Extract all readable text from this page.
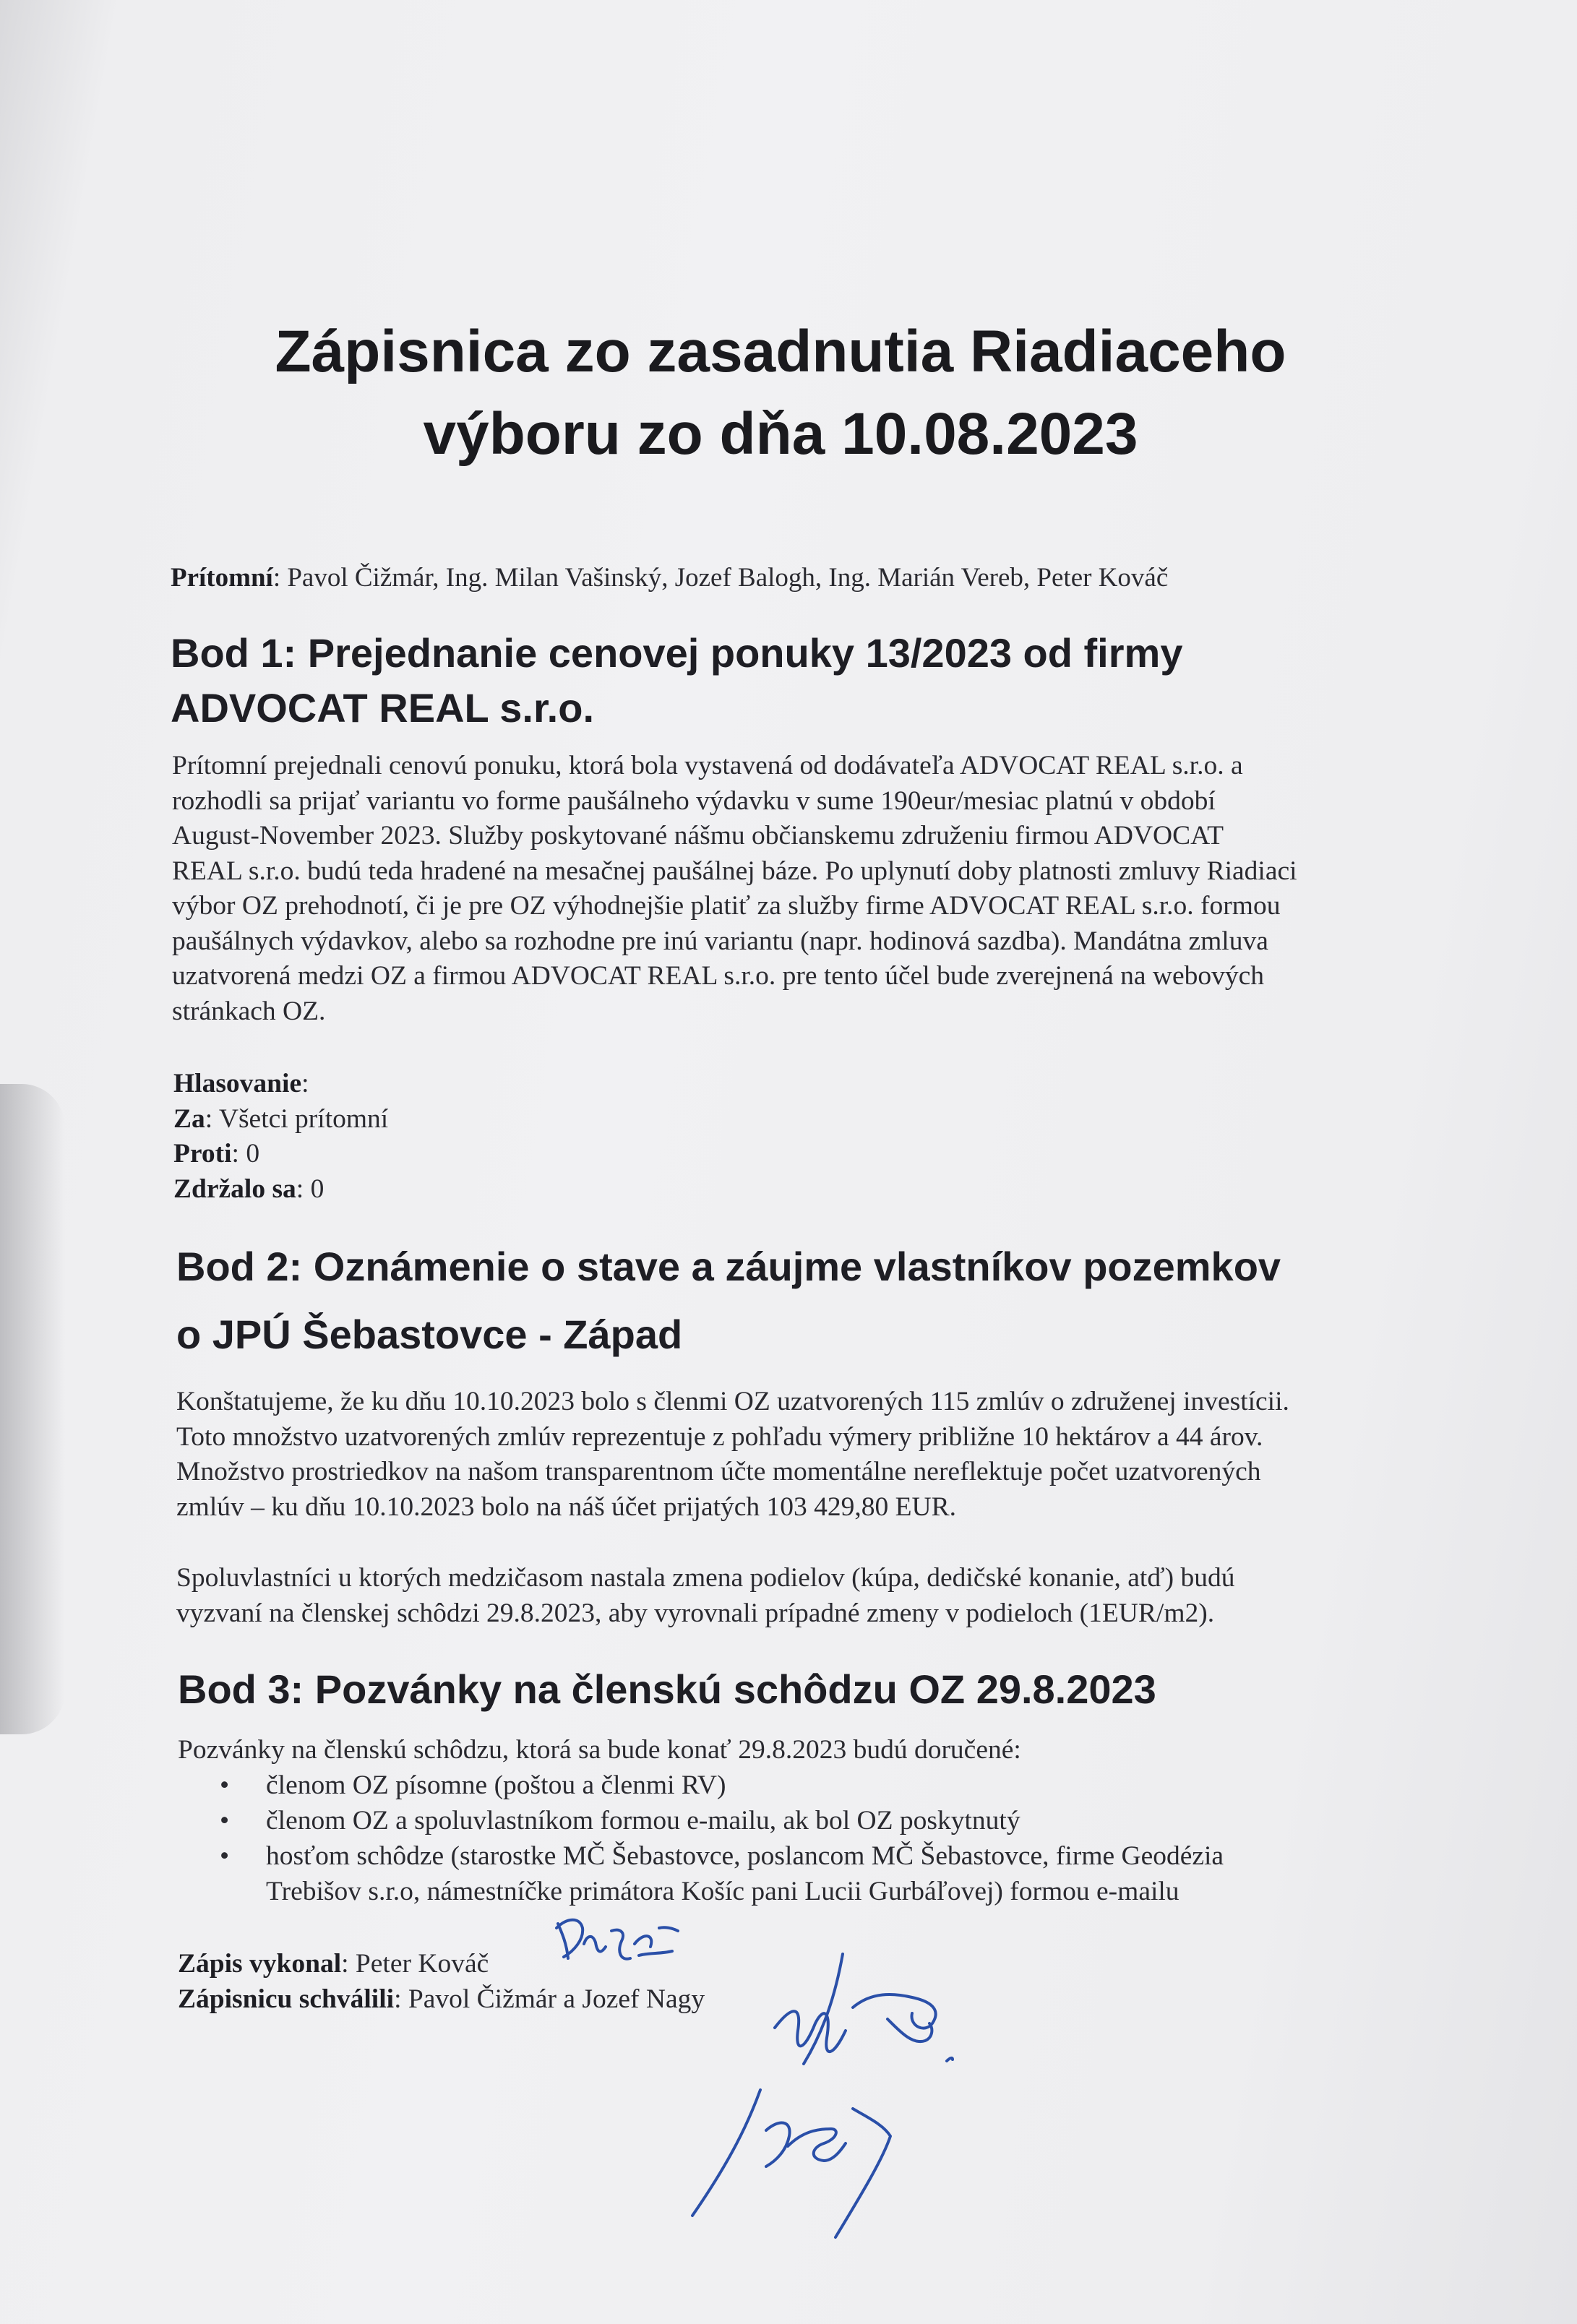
Zápisnica zo zasadnutia Riadiaceho
výboru zo dňa 10.08.2023
Prítomní: Pavol Čižmár, Ing. Milan Vašinský, Jozef Balogh, Ing. Marián Vereb, Peter Kováč
Bod 1: Prejednanie cenovej ponuky 13/2023 od firmy
ADVOCAT REAL s.r.o.
Prítomní prejednali cenovú ponuku, ktorá bola vystavená od dodávateľa ADVOCAT REAL s.r.o. a
rozhodli sa prijať variantu vo forme paušálneho výdavku v sume 190eur/mesiac platnú v období
August-November 2023. Služby poskytované nášmu občianskemu združeniu firmou ADVOCAT
REAL s.r.o. budú teda hradené na mesačnej paušálnej báze. Po uplynutí doby platnosti zmluvy Riadiaci
výbor OZ prehodnotí, či je pre OZ výhodnejšie platiť za služby firme ADVOCAT REAL s.r.o. formou
paušálnych výdavkov, alebo sa rozhodne pre inú variantu (napr. hodinová sazdba). Mandátna zmluva
uzatvorená medzi OZ a firmou ADVOCAT REAL s.r.o. pre tento účel bude zverejnená na webových
stránkach OZ.
Hlasovanie:
Za: Všetci prítomní
Proti: 0
Zdržalo sa: 0
Bod 2: Oznámenie o stave a záujme vlastníkov pozemkov
o JPÚ Šebastovce - Západ
Konštatujeme, že ku dňu 10.10.2023 bolo s členmi OZ uzatvorených 115 zmlúv o združenej investícii.
Toto množstvo uzatvorených zmlúv reprezentuje z pohľadu výmery približne 10 hektárov a 44 árov.
Množstvo prostriedkov na našom transparentnom účte momentálne nereflektuje počet uzatvorených
zmlúv – ku dňu 10.10.2023 bolo na náš účet prijatých 103 429,80 EUR.
Spoluvlastníci u ktorých medzičasom nastala zmena podielov (kúpa, dedičské konanie, atď) budú
vyzvaní na členskej schôdzi 29.8.2023, aby vyrovnali prípadné zmeny v podieloch (1EUR/m2).
Bod 3: Pozvánky na členskú schôdzu OZ 29.8.2023
Pozvánky na členskú schôdzu, ktorá sa bude konať 29.8.2023 budú doručené:
• členom OZ písomne (poštou a členmi RV)
• členom OZ a spoluvlastníkom formou e-mailu, ak bol OZ poskytnutý
• hosťom schôdze (starostke MČ Šebastovce, poslancom MČ Šebastovce, firme Geodézia
Trebišov s.r.o, námestníčke primátora Košíc pani Lucii Gurbáľovej) formou e-mailu
Zápis vykonal: Peter Kováč
Zápisnicu schválili: Pavol Čižmár a Jozef Nagy
